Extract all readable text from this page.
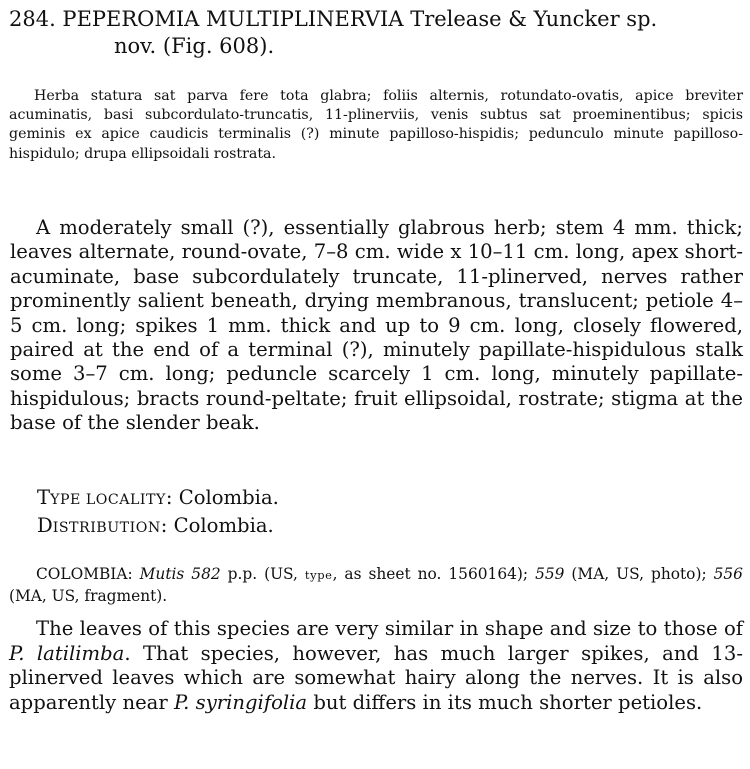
284. PEPEROMIA MULTIPLINERVIA Trelease & Yuncker sp.
nov. (Fig. 608).

Herba statura sat parva fere tota glabra; foliis alternis, rotundato-ovatis, apice breviter acuminatis, basi subcordulato-truncatis, 11-plinerviis, venis subtus sat proeminentibus; spicis geminis ex apice caudicis terminalis (?) minute papilloso-hispidis; pedunculo minute papilloso-hispidulo; drupa ellipsoidali rostrata.

A moderately small (?), essentially glabrous herb; stem 4 mm. thick; leaves alternate, round-ovate, 7–8 cm. wide x 10–11 cm. long, apex short-acuminate, base subcordulately truncate, 11-plinerved, nerves rather prominently salient beneath, drying membranous, translucent; petiole 4–5 cm. long; spikes 1 mm. thick and up to 9 cm. long, closely flowered, paired at the end of a terminal (?), minutely papillate-hispidulous stalk some 3–7 cm. long; peduncle scarcely 1 cm. long, minutely papillate-hispidulous; bracts round-peltate; fruit ellipsoidal, rostrate; stigma at the base of the slender beak.

TYPE LOCALITY: Colombia.
DISTRIBUTION: Colombia.

COLOMBIA: Mutis 582 p.p. (US, type, as sheet no. 1560164); 559 (MA, US, photo); 556 (MA, US, fragment).

The leaves of this species are very similar in shape and size to those of P. latilimba. That species, however, has much larger spikes, and 13-plinerved leaves which are somewhat hairy along the nerves. It is also apparently near P. syringifolia but differs in its much shorter petioles.
